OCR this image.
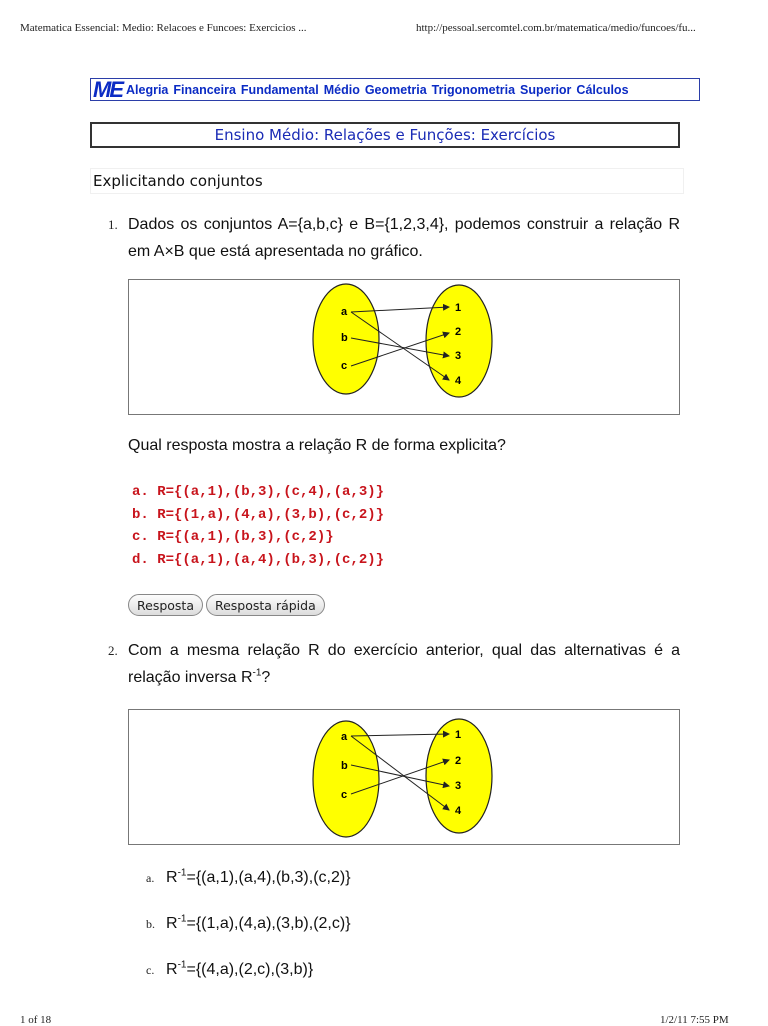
Matematica Essencial: Medio: Relacoes e Funcoes: Exercicios ...	http://pessoal.sercomtel.com.br/matematica/medio/funcoes/fu...
ME Alegria Financeira Fundamental Médio Geometria Trigonometria Superior Cálculos
Ensino Médio: Relações e Funções: Exercícios
Explicitando conjuntos
1. Dados os conjuntos A={a,b,c} e B={1,2,3,4}, podemos construir a relação R em A×B que está apresentada no gráfico.
a
b
c
1
2
3
4
Qual resposta mostra a relação R de forma explicita?
a. R={(a,1),(b,3),(c,4),(a,3)}
b. R={(1,a),(4,a),(3,b),(c,2)}
c. R={(a,1),(b,3),(c,2)}
d. R={(a,1),(a,4),(b,3),(c,2)}
Resposta	Resposta rápida
2. Com a mesma relação R do exercício anterior, qual das alternativas é a relação inversa $R^{-1}$?
a
b
c
1
2
3
4
a. $R^{-1}=\{(a,1),(a,4),(b,3),(c,2)\}$
b. $R^{-1}=\{(1,a),(4,a),(3,b),(2,c)\}$
c. $R^{-1}=\{(4,a),(2,c),(3,b)\}$
1 of 18	1/2/11 7:55 PM
